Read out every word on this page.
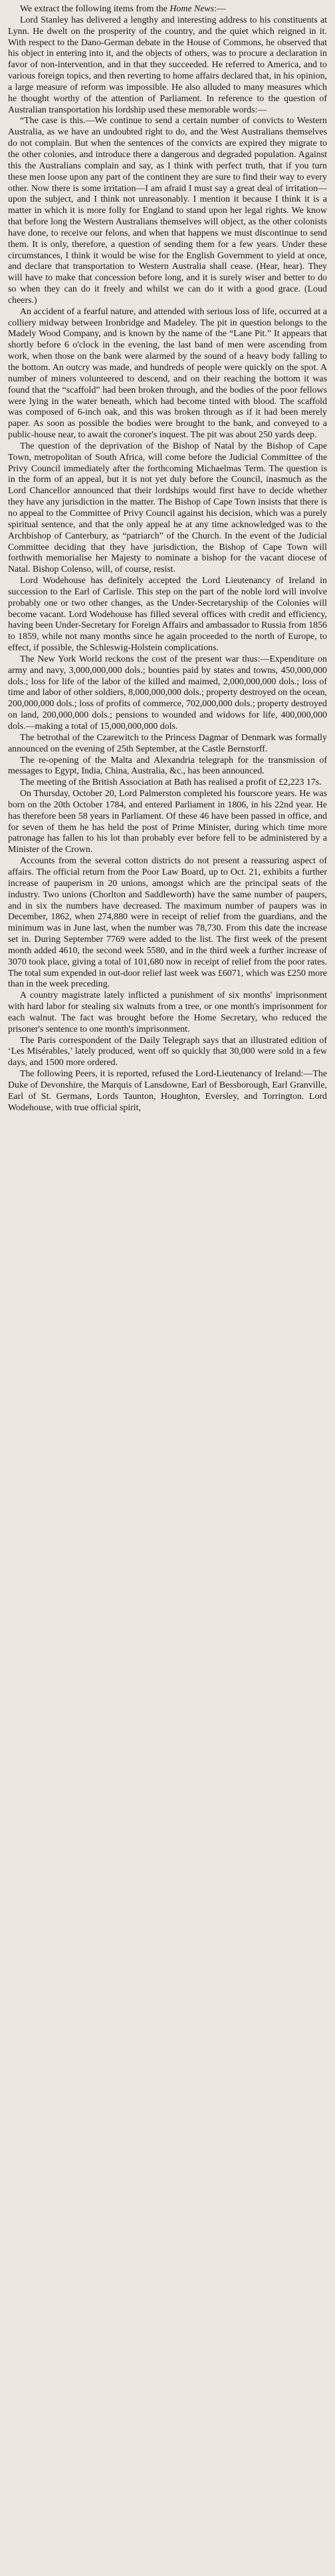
We extract the following items from the Home News:—

Lord Stanley has delivered a lengthy and interesting address to his constituents at Lynn. He dwelt on the prosperity of the country, and the quiet which reigned in it. With respect to the Dano-German debate in the House of Commons, he observed that his object in entering into it, and the objects of others, was to procure a declaration in favor of non-intervention, and in that they succeeded. He referred to America, and to various foreign topics, and then reverting to home affairs declared that, in his opinion, a large measure of reform was impossible. He also alluded to many measures which he thought worthy of the attention of Parliament. In reference to the question of Australian transportation his lordship used these memorable words:—

“The case is this.—We continue to send a certain number of convicts to Western Australia, as we have an undoubted right to do, and the West Australians themselves do not complain. But when the sentences of the convicts are expired they migrate to the other colonies, and introduce there a dangerous and degraded population. Against this the Australians complain and say, as I think with perfect truth, that if you turn these men loose upon any part of the continent they are sure to find their way to every other. Now there is some irritation—I am afraid I must say a great deal of irritation—upon the subject, and I think not unreasonably. I mention it because I think it is a matter in which it is more folly for England to stand upon her legal rights. We know that before long the Western Australians themselves will object, as the other colonists have done, to receive our felons, and when that happens we must discontinue to send them. It is only, therefore, a question of sending them for a few years. Under these circumstances, I think it would be wise for the English Government to yield at once, and declare that transportation to Western Australia shall cease. (Hear, hear). They will have to make that concession before long, and it is surely wiser and better to do so when they can do it freely and whilst we can do it with a good grace. (Loud cheers.)

An accident of a fearful nature, and attended with serious loss of life, occurred at a colliery midway between Ironbridge and Madeley. The pit in question belongs to the Madely Wood Company, and is known by the name of the “Lane Pit.” It appears that shortly before 6 o'clock in the evening, the last band of men were ascending from work, when those on the bank were alarmed by the sound of a heavy body falling to the bottom. An outcry was made, and hundreds of people were quickly on the spot. A number of miners volunteered to descend, and on their reaching the bottom it was found that the “scaffold” had been broken through, and the bodies of the poor fellows were lying in the water beneath, which had become tinted with blood. The scaffold was composed of 6-inch oak, and this was broken through as if it had been merely paper. As soon as possible the bodies were brought to the bank, and conveyed to a public-house near, to await the coroner's inquest. The pit was about 250 yards deep.

The question of the deprivation of the Bishop of Natal by the Bishop of Cape Town, metropolitan of South Africa, will come before the Judicial Committee of the Privy Council immediately after the forthcoming Michaelmas Term. The question is in the form of an appeal, but it is not yet duly before the Council, inasmuch as the Lord Chancellor announced that their lordships would first have to decide whether they have any jurisdiction in the matter. The Bishop of Cape Town insists that there is no appeal to the Committee of Privy Council against his decision, which was a purely spiritual sentence, and that the only appeal he at any time acknowledged was to the Archbishop of Canterbury, as “patriarch” of the Church. In the event of the Judicial Committee deciding that they have jurisdiction, the Bishop of Cape Town will forthwith memorialise her Majesty to nominate a bishop for the vacant diocese of Natal. Bishop Colenso, will, of course, resist.

Lord Wodehouse has definitely accepted the Lord Lieutenancy of Ireland in succession to the Earl of Carlisle. This step on the part of the noble lord will involve probably one or two other changes, as the Under-Secretaryship of the Colonies will become vacant. Lord Wodehouse has filled several offices with credit and efficiency, having been Under-Secretary for Foreign Affairs and ambassador to Russia from 1856 to 1859, while not many months since he again proceeded to the north of Europe, to effect, if possible, the Schleswig-Holstein complications.

The New York World reckons the cost of the present war thus:—Expenditure on army and navy, 3,000,000,000 dols.; bounties paid by states and towns, 450,000,000 dols.; loss for life of the labor of the killed and maimed, 2,000,000,000 dols.; loss of time and labor of other soldiers, 8,000,000,000 dols.; property destroyed on the ocean, 200,000,000 dols.; loss of profits of commerce, 702,000,000 dols.; property destroyed on land, 200,000,000 dols.; pensions to wounded and widows for life, 400,000,000 dols.—making a total of 15,000,000,000 dols.

The betrothal of the Czarewitch to the Princess Dagmar of Denmark was formally announced on the evening of 25th September, at the Castle Bernstorff.

The re-opening of the Malta and Alexandria telegraph for the transmission of messages to Egypt, India, China, Australia, &c., has been announced.

The meeting of the British Association at Bath has realised a profit of £2,223 17s.

On Thursday, October 20, Lord Palmerston completed his fourscore years. He was born on the 20th October 1784, and entered Parliament in 1806, in his 22nd year. He has therefore been 58 years in Parliament. Of these 46 have been passed in office, and for seven of them he has held the post of Prime Minister, during which time more patronage has fallen to his lot than probably ever before fell to be administered by a Minister of the Crown.

Accounts from the several cotton districts do not present a reassuring aspect of affairs. The official return from the Poor Law Board, up to Oct. 21, exhibits a further increase of pauperism in 20 unions, amongst which are the principal seats of the industry. Two unions (Chorlton and Saddleworth) have the same number of paupers, and in six the numbers have decreased. The maximum number of paupers was in December, 1862, when 274,880 were in receipt of relief from the guardians, and the minimum was in June last, when the number was 78,730. From this date the increase set in. During September 7769 were added to the list. The first week of the present month added 4610, the second week 5580, and in the third week a further increase of 3070 took place, giving a total of 101,680 now in receipt of relief from the poor rates. The total sum expended in out-door relief last week was £6071, which was £250 more than in the week preceding.

A country magistrate lately inflicted a punishment of six months' imprisonment with hard labor for stealing six walnuts from a tree, or one month's imprisonment for each walnut. The fact was brought before the Home Secretary, who reduced the prisoner's sentence to one month's imprisonment.

The Paris correspondent of the Daily Telegraph says that an illustrated edition of ‘Les Misérables,’ lately produced, went off so quickly that 30,000 were sold in a few days, and 1500 more ordered.

The following Peers, it is reported, refused the Lord-Lieutenancy of Ireland:—The Duke of Devonshire, the Marquis of Lansdowne, Earl of Bessborough, Earl Granville, Earl of St. Germans, Lords Taunton, Houghton, Eversley, and Torrington. Lord Wodehouse, with true official spirit,
